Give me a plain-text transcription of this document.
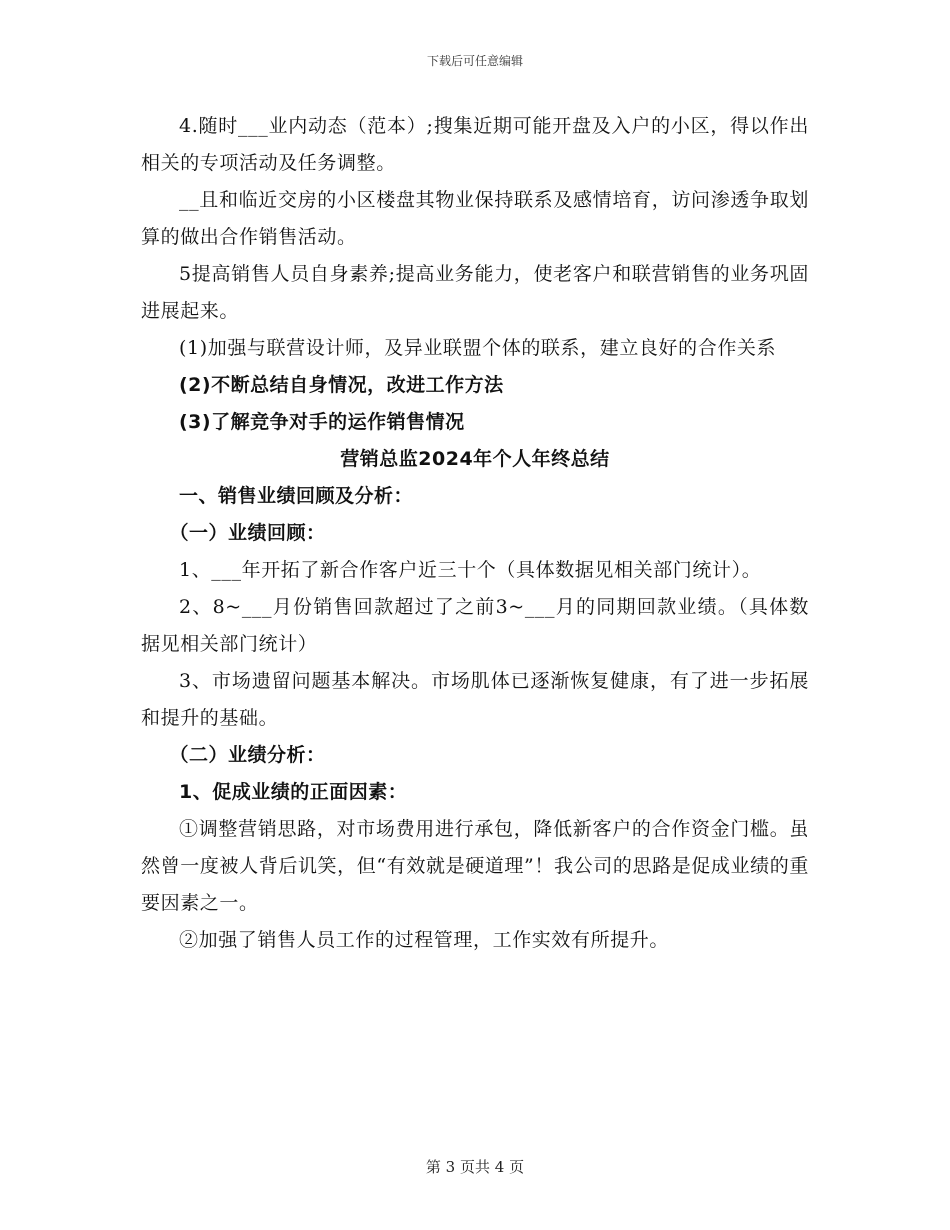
下载后可任意编辑

4.随时___业内动态（范本）;搜集近期可能开盘及入户的小区，得以作出相关的专项活动及任务调整。

__且和临近交房的小区楼盘其物业保持联系及感情培育，访问渗透争取划算的做出合作销售活动。

5提高销售人员自身素养;提高业务能力，使老客户和联营销售的业务巩固进展起来。

(1)加强与联营设计师，及异业联盟个体的联系，建立良好的合作关系

(2)不断总结自身情况，改进工作方法

(3)了解竞争对手的运作销售情况

营销总监2024年个人年终总结

一、销售业绩回顾及分析：

（一）业绩回顾：

1、___年开拓了新合作客户近三十个（具体数据见相关部门统计）。

2、8~___月份销售回款超过了之前3~___月的同期回款业绩。（具体数据见相关部门统计）

3、市场遗留问题基本解决。市场肌体已逐渐恢复健康，有了进一步拓展和提升的基础。

（二）业绩分析：

1、促成业绩的正面因素：

①调整营销思路，对市场费用进行承包，降低新客户的合作资金门槛。虽然曾一度被人背后讥笑，但“有效就是硬道理”！我公司的思路是促成业绩的重要因素之一。

②加强了销售人员工作的过程管理，工作实效有所提升。

第 3 页共 4 页
